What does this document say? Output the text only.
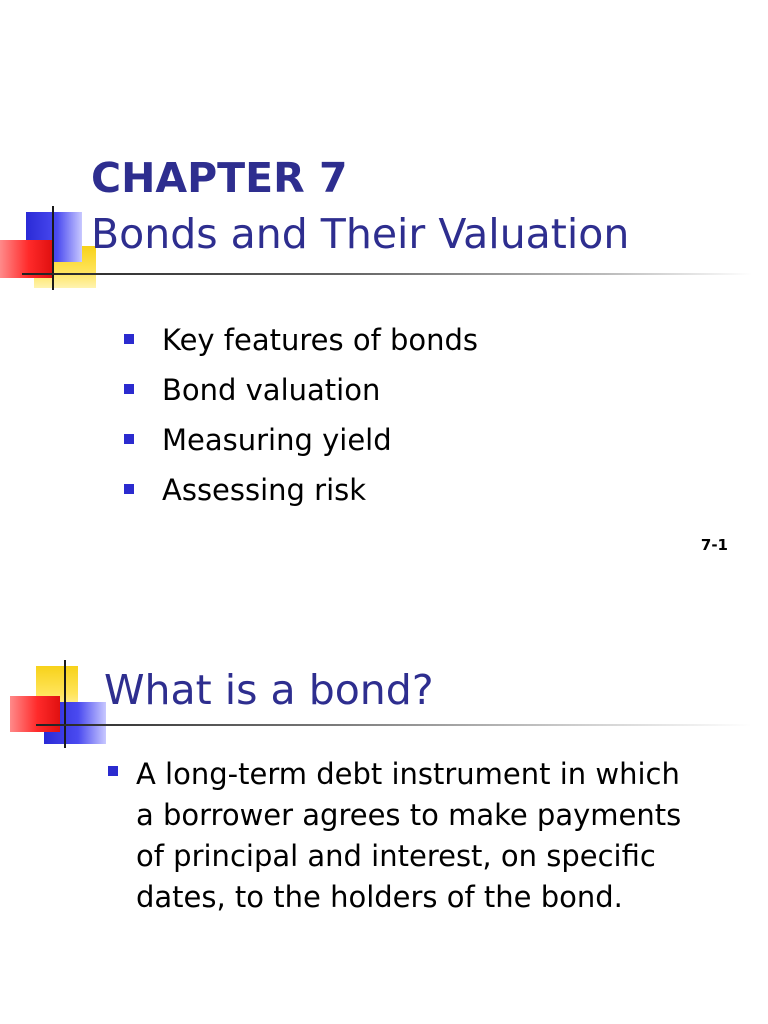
CHAPTER 7
Bonds and Their Valuation
Key features of bonds
Bond valuation
Measuring yield
Assessing risk
7-1
What is a bond?
A long-term debt instrument in which
a borrower agrees to make payments
of principal and interest, on specific
dates, to the holders of the bond.
